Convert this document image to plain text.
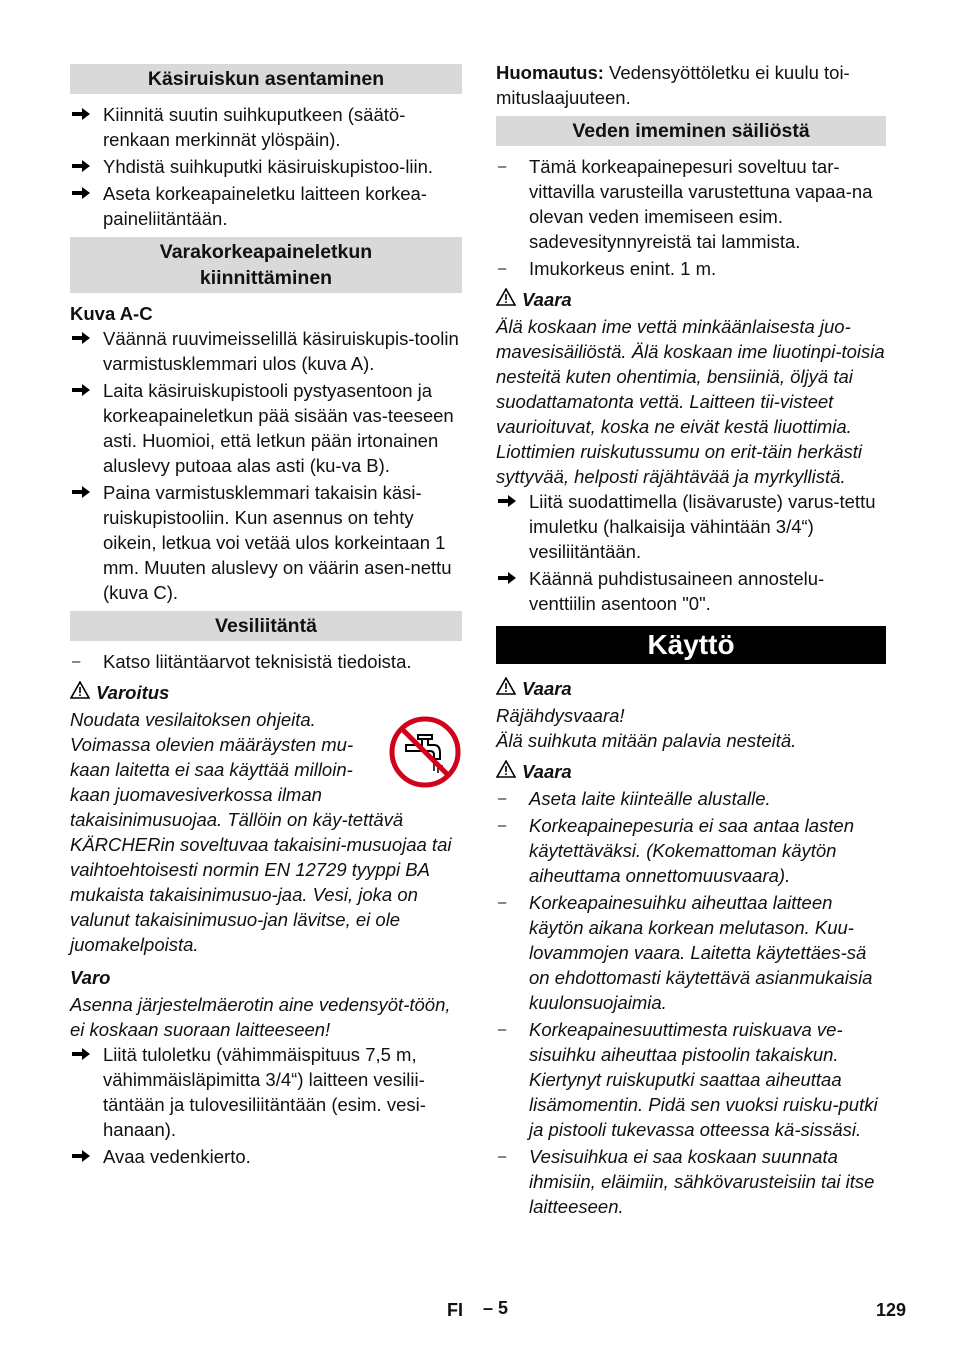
Käsiruiskun asentaminen
Kiinnitä suutin suihkuputkeen (säätö-renkaan merkinnät ylöspäin).
Yhdistä suihkuputki käsiruiskupistoo-liin.
Aseta korkeapaineletku laitteen korkea-paineliitäntään.
Varakorkeapaineletkun kiinnittäminen
Kuva A-C
Väännä ruuvimeisselillä käsiruiskupis-toolin varmistusklemmari ulos (kuva A).
Laita käsiruiskupistooli pystyasentoon ja korkeapaineletkun pää sisään vas-teeseen asti. Huomioi, että letkun pään irtonainen aluslevy putoaa alas asti (ku-va B).
Paina varmistusklemmari takaisin käsi-ruiskupistooliin. Kun asennus on tehty oikein, letkua voi vetää ulos korkeintaan 1 mm. Muuten aluslevy on väärin asen-nettu (kuva C).
Vesiliitäntä
–	Katso liitäntäarvot teknisistä tiedoista.
Varoitus
Noudata vesilaitoksen ohjeita. Voimassa olevien määräysten mu-kaan laitetta ei saa käyttää milloin-kaan juomavesiverkossa ilman takaisinimusuojaa. Tällöin on käy-tettävä KÄRCHERin soveltuvaa takaisini-musuojaa tai vaihtoehtoisesti normin EN 12729 tyyppi BA mukaista takaisinimusuo-jaa. Vesi, joka on valunut takaisinimusuo-jan lävitse, ei ole juomakelpoista.
Varo
Asenna järjestelmäerotin aine vedensyöt-töön, ei koskaan suoraan laitteeseen!
Liitä tuloletku (vähimmäispituus 7,5 m, vähimmäisläpimitta 3/4“) laitteen vesilii-täntään ja tulovesiliitäntään (esim. vesi-hanaan).
Avaa vedenkierto.
Huomautus: Vedensyöttöletku ei kuulu toi-mituslaajuuteen.
Veden imeminen säiliöstä
–	Tämä korkeapainepesuri soveltuu tar-vittavilla varusteilla varustettuna vapaa-na olevan veden imemiseen esim. sadevesitynnyreistä tai lammista.
–	Imukorkeus enint. 1 m.
Vaara
Älä koskaan ime vettä minkäänlaisesta juo-mavesisäiliöstä. Älä koskaan ime liuotinpi-toisia nesteitä kuten ohentimia, bensiiniä, öljyä tai suodattamatonta vettä. Laitteen tii-visteet vaurioituvat, koska ne eivät kestä liuottimia. Liottimien ruiskutussumu on erit-täin herkästi syttyvää, helposti räjähtävää ja myrkyllistä.
Liitä suodattimella (lisävaruste) varus-tettu imuletku (halkaisija vähintään 3/4“) vesiliitäntään.
Käännä puhdistusaineen annostelu-venttiilin asentoon "0".
Käyttö
Vaara
Räjähdysvaara!
Älä suihkuta mitään palavia nesteitä.
Vaara
–	Aseta laite kiinteälle alustalle.
–	Korkeapainepesuria ei saa antaa lasten käytettäväksi. (Kokemattoman käytön aiheuttama onnettomuusvaara).
–	Korkeapainesuihku aiheuttaa laitteen käytön aikana korkean melutason. Kuu-lovammojen vaara. Laitetta käytettäes-sä on ehdottomasti käytettävä asianmukaisia kuulonsuojaimia.
–	Korkeapainesuuttimesta ruiskuava ve-sisuihku aiheuttaa pistoolin takaiskun. Kiertynyt ruiskuputki saattaa aiheuttaa lisämomentin. Pidä sen vuoksi ruisku-putki ja pistooli tukevassa otteessa kä-sissäsi.
–	Vesisuihkua ei saa koskaan suunnata ihmisiin, eläimiin, sähkövarusteisiin tai itse laitteeseen.
FI – 5	129
